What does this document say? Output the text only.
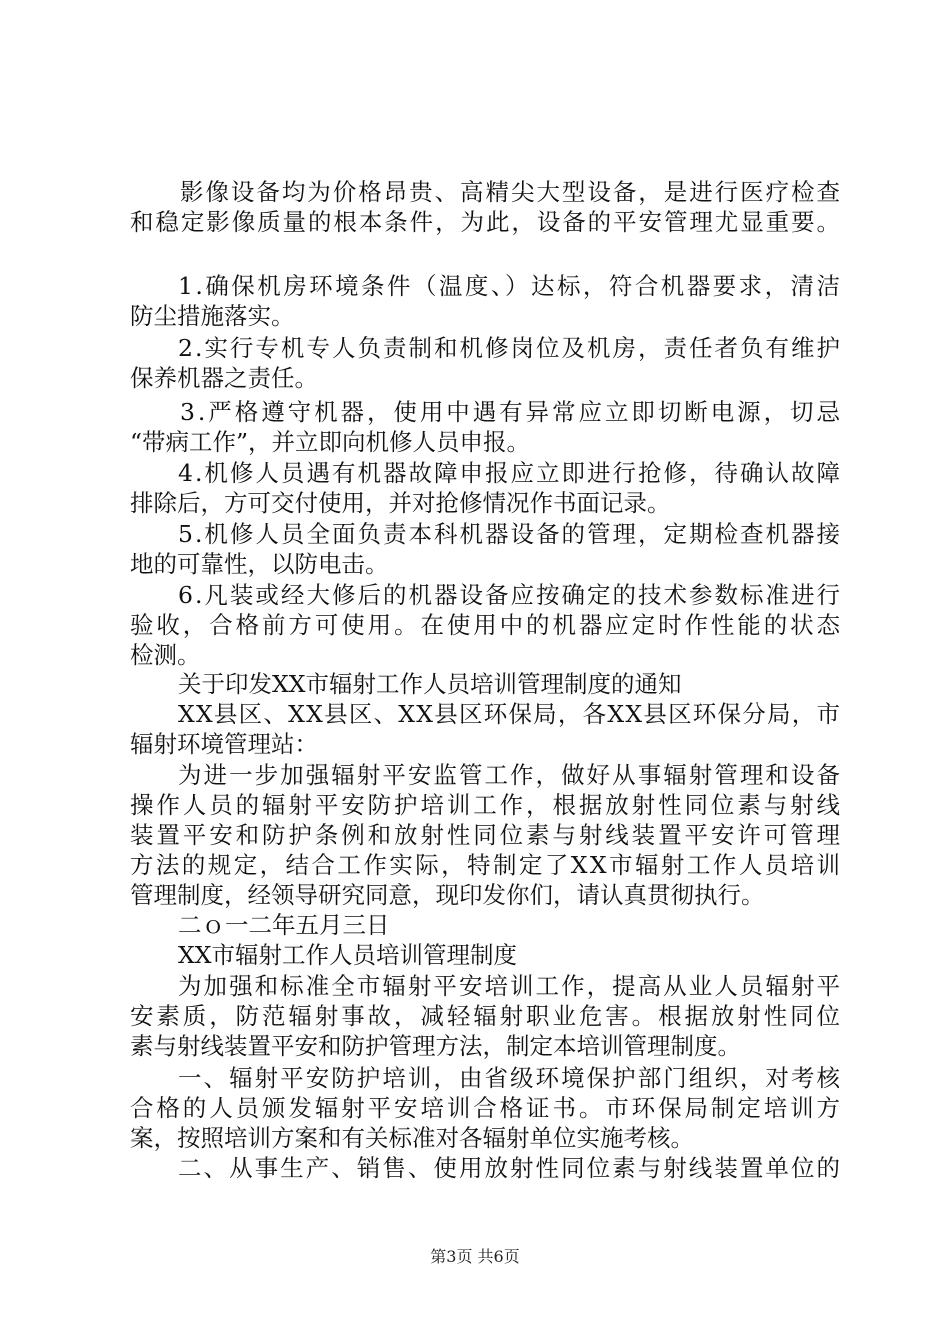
影像设备均为价格昂贵、高精尖大型设备，是进行医疗检查
和稳定影像质量的根本条件，为此，设备的平安管理尤显重要。
1.确保机房环境条件（温度、）达标，符合机器要求，清洁
防尘措施落实。
2.实行专机专人负责制和机修岗位及机房，责任者负有维护
保养机器之责任。
3.严格遵守机器，使用中遇有异常应立即切断电源，切忌
“带病工作”，并立即向机修人员申报。
4.机修人员遇有机器故障申报应立即进行抢修，待确认故障
排除后，方可交付使用，并对抢修情况作书面记录。
5.机修人员全面负责本科机器设备的管理，定期检查机器接
地的可靠性，以防电击。
6.凡装或经大修后的机器设备应按确定的技术参数标准进行
验收，合格前方可使用。在使用中的机器应定时作性能的状态
检测。
关于印发XX市辐射工作人员培训管理制度的通知
XX县区、XX县区、XX县区环保局，各XX县区环保分局，市
辐射环境管理站：
为进一步加强辐射平安监管工作，做好从事辐射管理和设备
操作人员的辐射平安防护培训工作，根据放射性同位素与射线
装置平安和防护条例和放射性同位素与射线装置平安许可管理
方法的规定，结合工作实际，特制定了XX市辐射工作人员培训
管理制度，经领导研究同意，现印发你们，请认真贯彻执行。
二ｏ一二年五月三日
XX市辐射工作人员培训管理制度
为加强和标准全市辐射平安培训工作，提高从业人员辐射平
安素质，防范辐射事故，减轻辐射职业危害。根据放射性同位
素与射线装置平安和防护管理方法，制定本培训管理制度。
一、辐射平安防护培训，由省级环境保护部门组织，对考核
合格的人员颁发辐射平安培训合格证书。市环保局制定培训方
案，按照培训方案和有关标准对各辐射单位实施考核。
二、从事生产、销售、使用放射性同位素与射线装置单位的
第3页 共6页
